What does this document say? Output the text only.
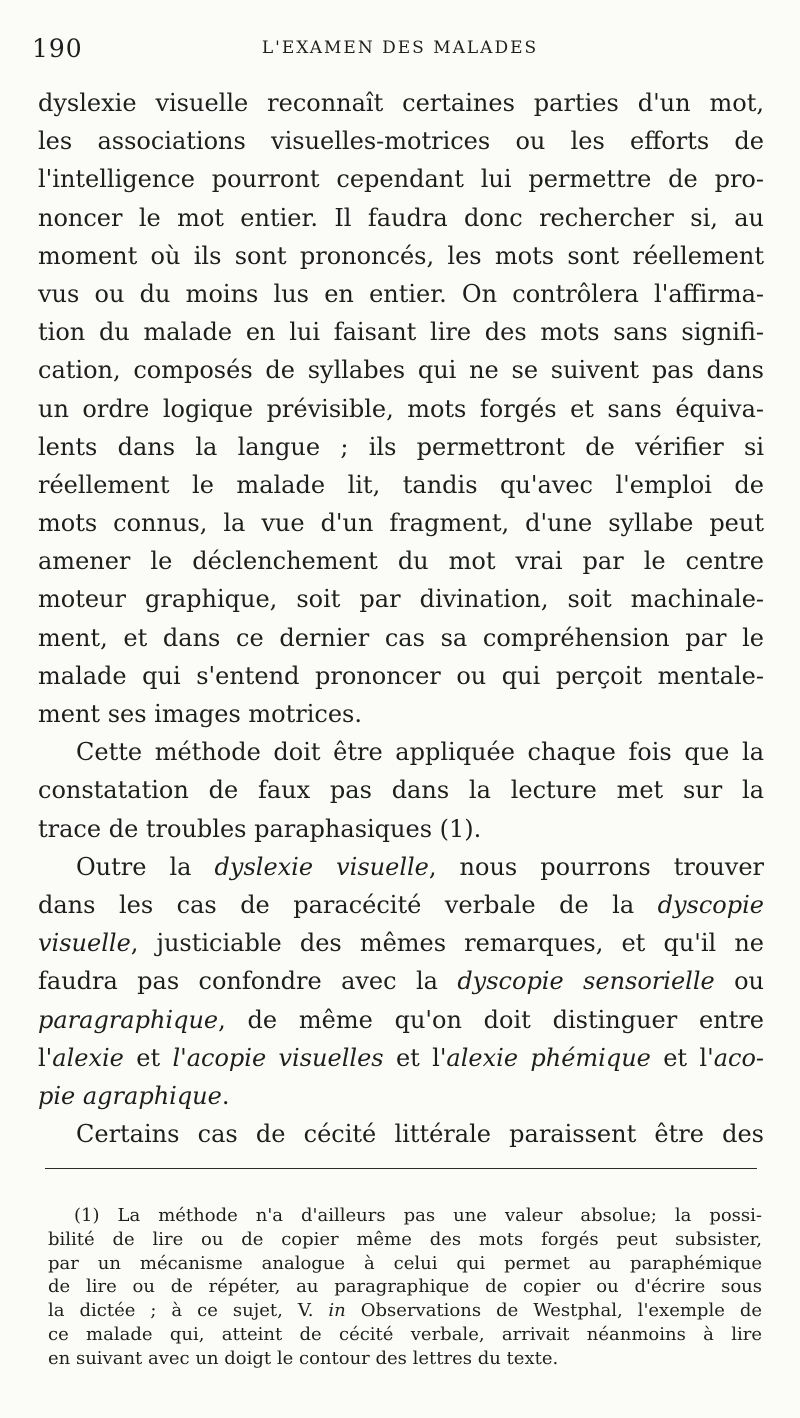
190	L'EXAMEN DES MALADES
dyslexie visuelle reconnaît certaines parties d'un mot,
les associations visuelles-motrices ou les efforts de
l'intelligence pourront cependant lui permettre de pro-
noncer le mot entier. Il faudra donc rechercher si, au
moment où ils sont prononcés, les mots sont réellement
vus ou du moins lus en entier. On contrôlera l'affirma-
tion du malade en lui faisant lire des mots sans signifi-
cation, composés de syllabes qui ne se suivent pas dans
un ordre logique prévisible, mots forgés et sans équiva-
lents dans la langue ; ils permettront de vérifier si
réellement le malade lit, tandis qu'avec l'emploi de
mots connus, la vue d'un fragment, d'une syllabe peut
amener le déclenchement du mot vrai par le centre
moteur graphique, soit par divination, soit machinale-
ment, et dans ce dernier cas sa compréhension par le
malade qui s'entend prononcer ou qui perçoit mentale-
ment ses images motrices.
Cette méthode doit être appliquée chaque fois que la
constatation de faux pas dans la lecture met sur la
trace de troubles paraphasiques (1).
Outre la dyslexie visuelle, nous pourrons trouver
dans les cas de paracécité verbale de la dyscopie
visuelle, justiciable des mêmes remarques, et qu'il ne
faudra pas confondre avec la dyscopie sensorielle ou
paragraphique, de même qu'on doit distinguer entre
l'alexie et l'acopie visuelles et l'alexie phémique et l'aco-
pie agraphique.
Certains cas de cécité littérale paraissent être des
(1) La méthode n'a d'ailleurs pas une valeur absolue; la possi-
bilité de lire ou de copier même des mots forgés peut subsister,
par un mécanisme analogue à celui qui permet au paraphémique
de lire ou de répéter, au paragraphique de copier ou d'écrire sous
la dictée ; à ce sujet, V. in Observations de Westphal, l'exemple de
ce malade qui, atteint de cécité verbale, arrivait néanmoins à lire
en suivant avec un doigt le contour des lettres du texte.
